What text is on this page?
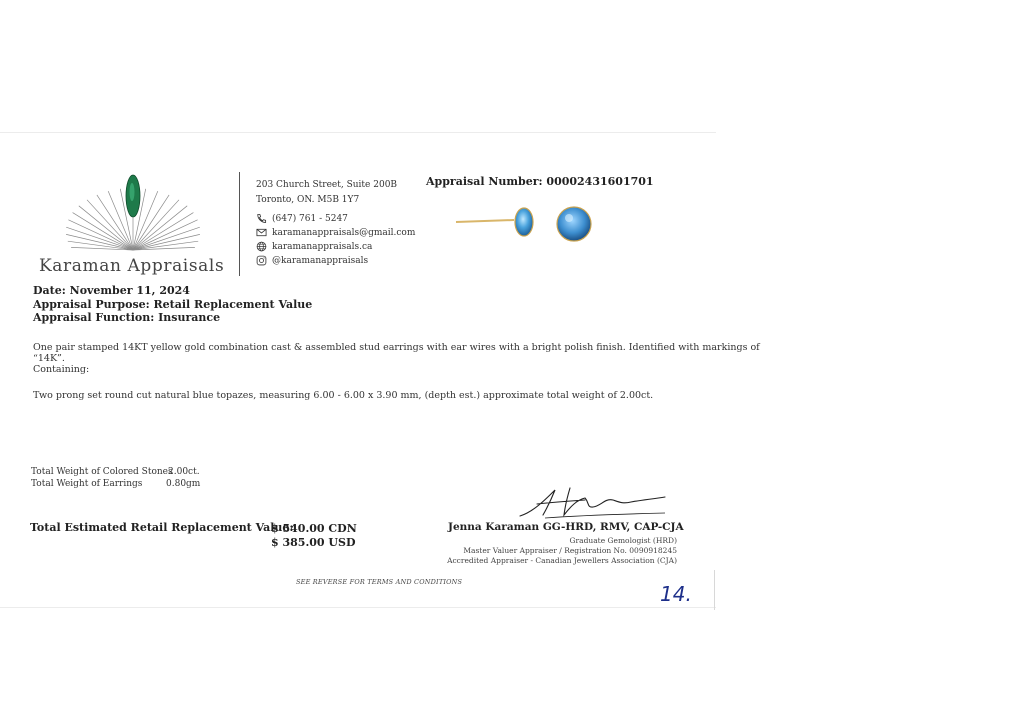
Karaman Appraisals
203 Church Street, Suite 200B
Toronto, ON. M5B 1Y7
(647) 761 - 5247
karamanappraisals@gmail.com
karamanappraisals.ca
@karamanappraisals
Appraisal Number: 00002431601701
Date: November 11, 2024
Appraisal Purpose: Retail Replacement Value
Appraisal Function: Insurance
One pair stamped 14KT yellow gold combination cast & assembled stud earrings with ear wires with a bright polish finish. Identified with markings of
“14K”.
Containing:
Two prong set round cut natural blue topazes, measuring 6.00 - 6.00 x 3.90 mm, (depth est.) approximate total weight of 2.00ct.
Total Weight of Colored Stones
2.00ct.
Total Weight of Earrings	0.80gm
Total Estimated Retail Replacement Value:
$ 540.00 CDN
$ 385.00 USD
Jenna Karaman GG-HRD, RMV, CAP-CJA
Graduate Gemologist (HRD)
Master Valuer Appraiser / Registration No. 0090918245
Accredited Appraiser - Canadian Jewellers Association (CJA)
SEE REVERSE FOR TERMS AND CONDITIONS	14.
